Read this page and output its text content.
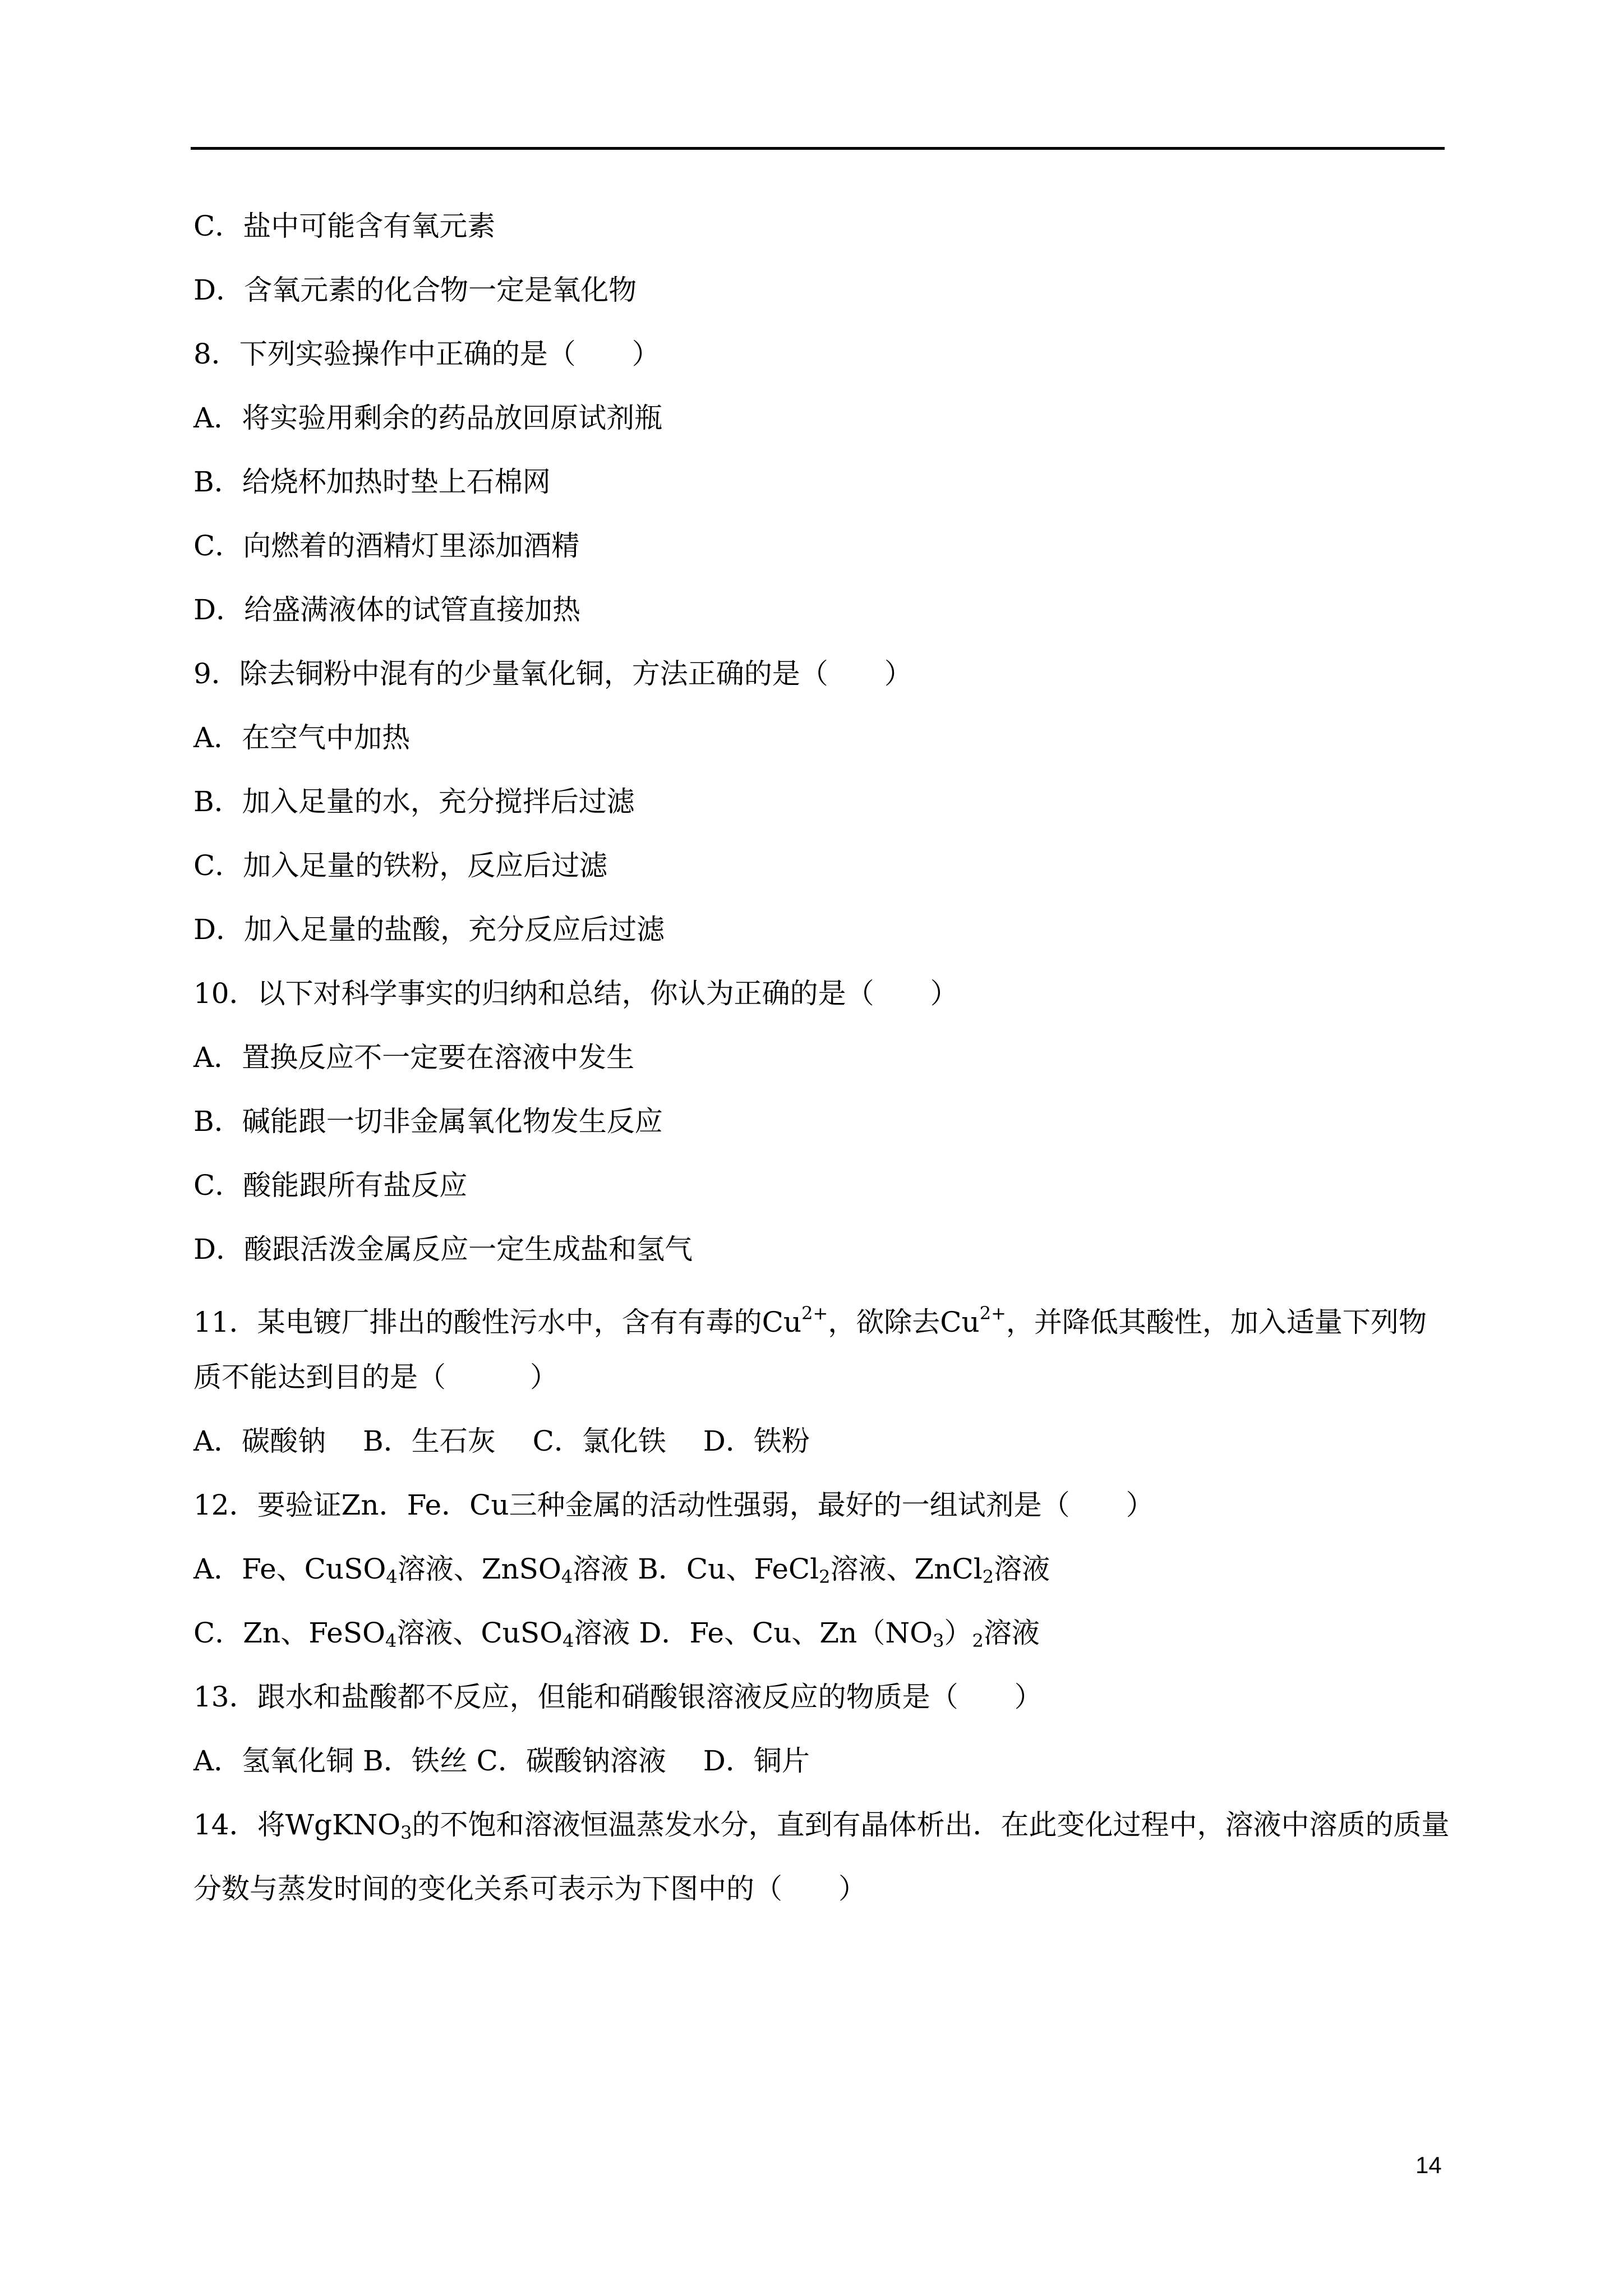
C．盐中可能含有氧元素
D．含氧元素的化合物一定是氧化物
8．下列实验操作中正确的是（　　）
A．将实验用剩余的药品放回原试剂瓶
B．给烧杯加热时垫上石棉网
C．向燃着的酒精灯里添加酒精
D．给盛满液体的试管直接加热
9．除去铜粉中混有的少量氧化铜，方法正确的是（　　）
A．在空气中加热
B．加入足量的水，充分搅拌后过滤
C．加入足量的铁粉，反应后过滤
D．加入足量的盐酸，充分反应后过滤
10．以下对科学事实的归纳和总结，你认为正确的是（　　）
A．置换反应不一定要在溶液中发生
B．碱能跟一切非金属氧化物发生反应
C．酸能跟所有盐反应
D．酸跟活泼金属反应一定生成盐和氢气
11．某电镀厂排出的酸性污水中，含有有毒的$Cu^{2+}$，欲除去$Cu^{2+}$，并降低其酸性，加入适量下列物
质不能达到目的是（　　　）
A．碳酸钠　 B．生石灰　 C．氯化铁　 D．铁粉
12．要验证Zn．Fe．Cu三种金属的活动性强弱，最好的一组试剂是（　　）
A．Fe、CuSO$_4$溶液、ZnSO$_4$溶液 B．Cu、FeCl$_2$溶液、ZnCl$_2$溶液
C．Zn、FeSO$_4$溶液、CuSO$_4$溶液 D．Fe、Cu、$Zn(NO_3)_2$溶液
13．跟水和盐酸都不反应，但能和硝酸银溶液反应的物质是（　　）
A．氢氧化铜 B．铁丝 C．碳酸钠溶液　 D．铜片
14．将WgKNO$_3$的不饱和溶液恒温蒸发水分，直到有晶体析出．在此变化过程中，溶液中溶质的质量
分数与蒸发时间的变化关系可表示为下图中的（　　）
14
